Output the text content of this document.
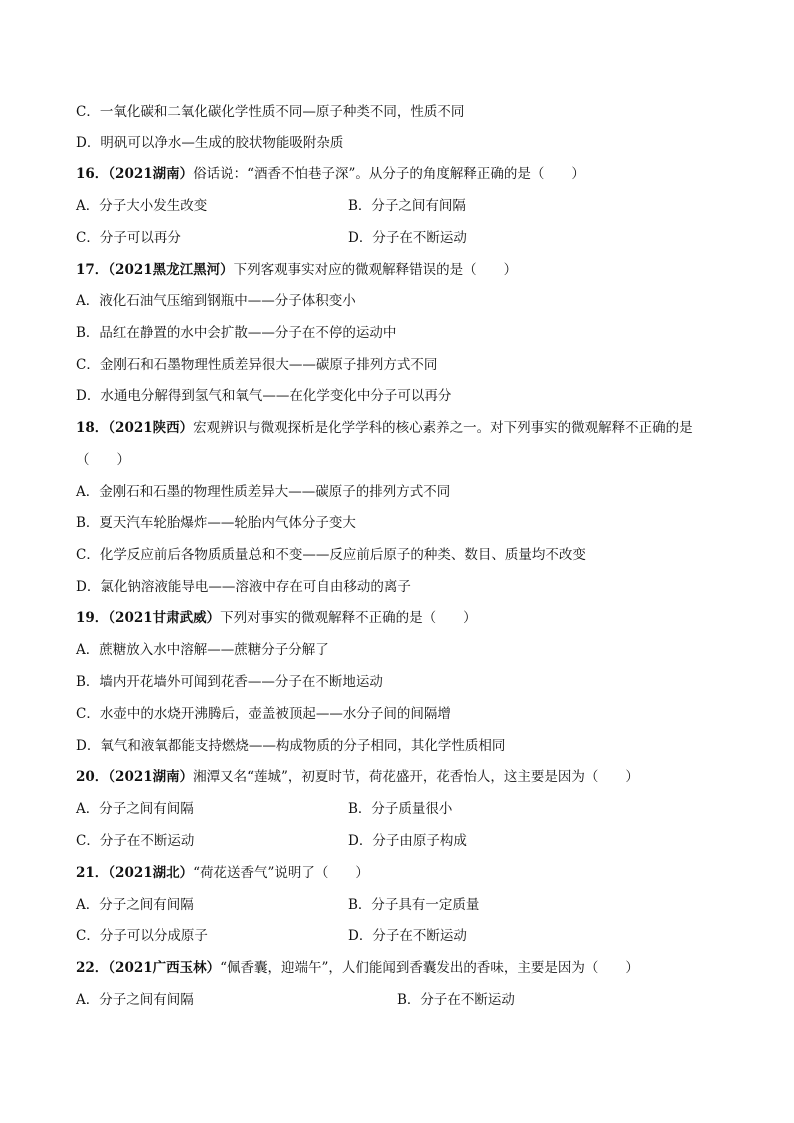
C．一氧化碳和二氧化碳化学性质不同—原子种类不同，性质不同
D．明矾可以净水—生成的胶状物能吸附杂质
16．（2021湖南）俗话说：“酒香不怕巷子深”。从分子的角度解释正确的是（　　）
A．分子大小发生改变	B．分子之间有间隔
C．分子可以再分	D．分子在不断运动
17．（2021黑龙江黑河）下列客观事实对应的微观解释错误的是（　　）
A．液化石油气压缩到钢瓶中——分子体积变小
B．品红在静置的水中会扩散——分子在不停的运动中
C．金刚石和石墨物理性质差异很大——碳原子排列方式不同
D．水通电分解得到氢气和氧气——在化学变化中分子可以再分
18．（2021陕西）宏观辨识与微观探析是化学学科的核心素养之一。对下列事实的微观解释不正确的是
（　　）
A．金刚石和石墨的物理性质差异大——碳原子的排列方式不同
B．夏天汽车轮胎爆炸——轮胎内气体分子变大
C．化学反应前后各物质质量总和不变——反应前后原子的种类、数目、质量均不改变
D．氯化钠溶液能导电——溶液中存在可自由移动的离子
19．（2021甘肃武威）下列对事实的微观解释不正确的是（　　）
A．蔗糖放入水中溶解——蔗糖分子分解了
B．墙内开花墙外可闻到花香——分子在不断地运动
C．水壶中的水烧开沸腾后，壶盖被顶起——水分子间的间隔增
D．氧气和液氧都能支持燃烧——构成物质的分子相同，其化学性质相同
20．（2021湖南）湘潭又名“莲城”，初夏时节，荷花盛开，花香怡人，这主要是因为（　　）
A．分子之间有间隔	B．分子质量很小
C．分子在不断运动	D．分子由原子构成
21．（2021湖北）“荷花送香气”说明了（　　）
A．分子之间有间隔	B．分子具有一定质量
C．分子可以分成原子	D．分子在不断运动
22．（2021广西玉林）“佩香囊，迎端午”，人们能闻到香囊发出的香味，主要是因为（　　）
A．分子之间有间隔	B．分子在不断运动
